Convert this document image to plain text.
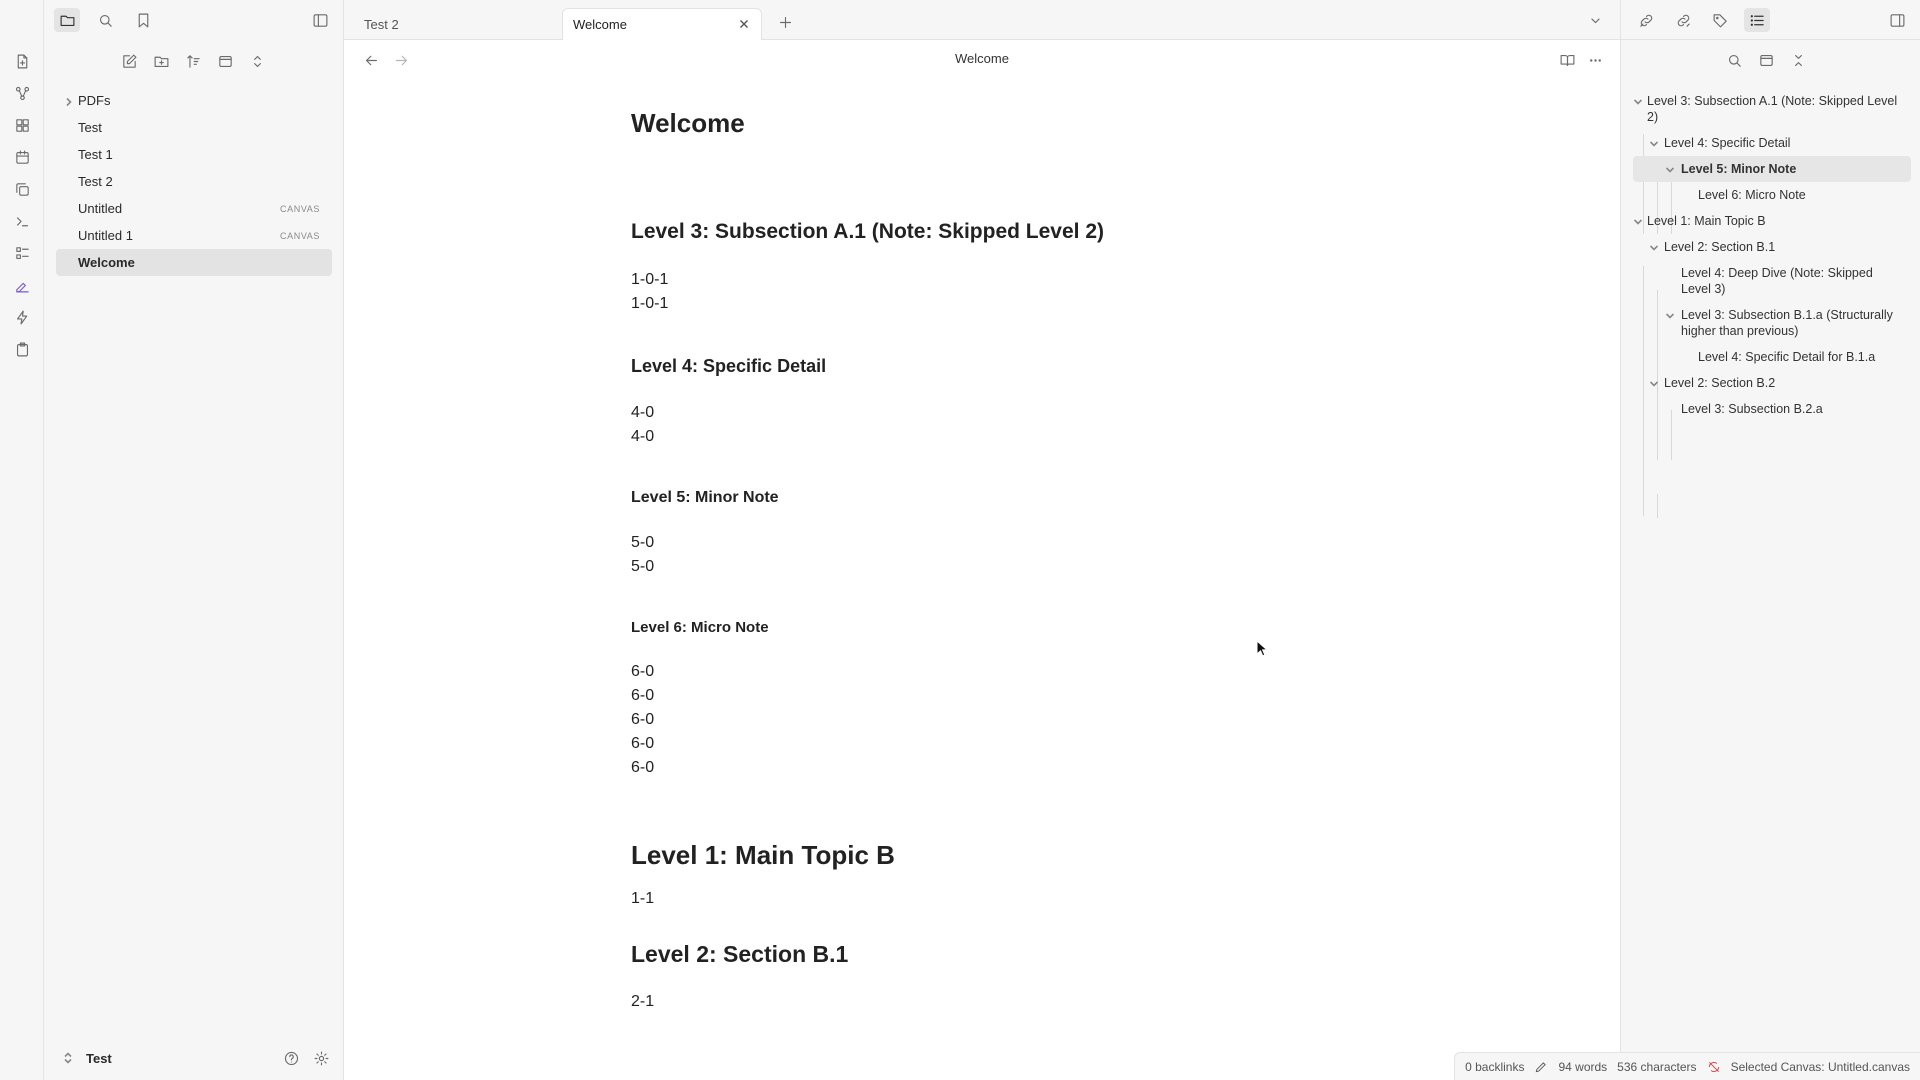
PDFs
Test
Test 1
Test 2
Untitled	CANVAS
Untitled 1	CANVAS
Welcome
Test
Test 2	Welcome
Welcome
Welcome
Level 3: Subsection A.1 (Note: Skipped Level 2)
1-0-1
1-0-1
Level 4: Specific Detail
4-0
4-0
Level 5: Minor Note
5-0
5-0
Level 6: Micro Note
6-0
6-0
6-0
6-0
6-0
Level 1: Main Topic B
1-1
Level 2: Section B.1
2-1
Level 3: Subsection A.1 (Note: Skipped Level 2)
Level 4: Specific Detail
Level 5: Minor Note
Level 6: Micro Note
Level 1: Main Topic B
Level 2: Section B.1
Level 4: Deep Dive (Note: Skipped Level 3)
Level 3: Subsection B.1.a (Structurally higher than previous)
Level 4: Specific Detail for B.1.a
Level 2: Section B.2
Level 3: Subsection B.2.a
0 backlinks	94 words 536 characters	Selected Canvas: Untitled.canvas
